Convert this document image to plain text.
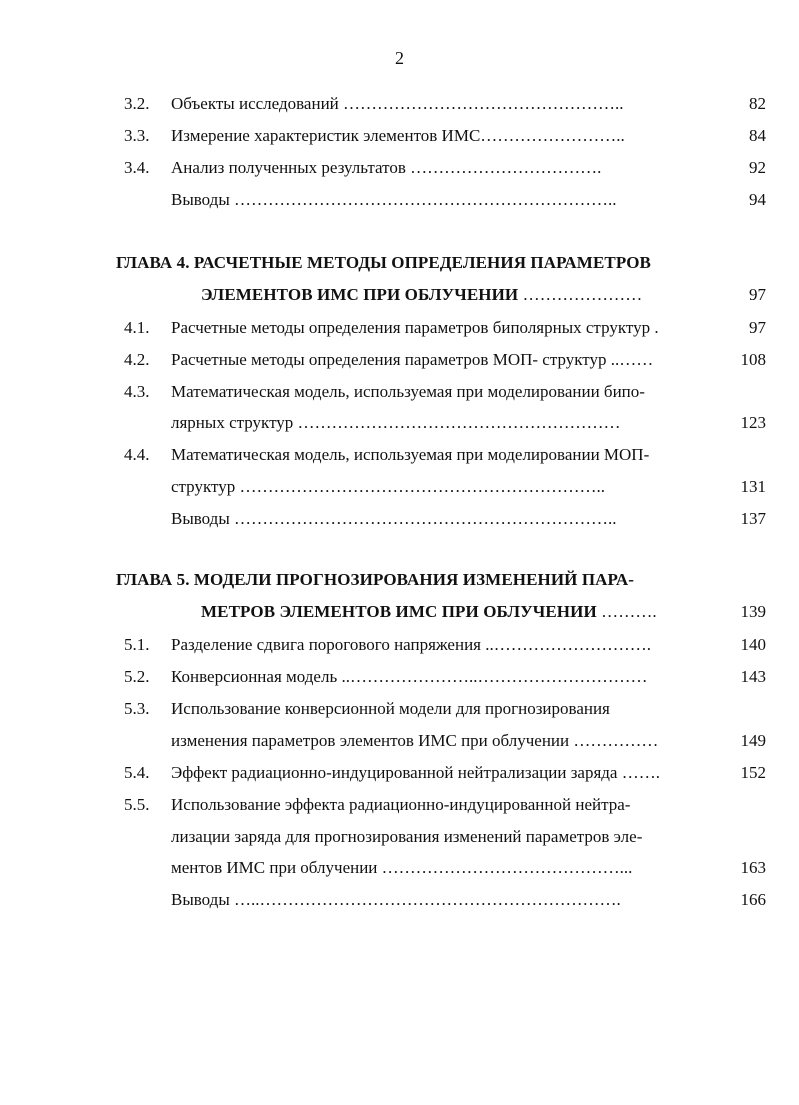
2
3.2.	Объекты исследований …………………………………………..	82
3.3.	Измерение характеристик элементов ИМС……………………..	84
3.4.	Анализ полученных результатов …………………………….	92
Выводы …………………………………………………………..	94
ГЛАВА 4. РАСЧЕТНЫЕ МЕТОДЫ ОПРЕДЕЛЕНИЯ ПАРАМЕТРОВ
ЭЛЕМЕНТОВ ИМС ПРИ ОБЛУЧЕНИИ …………………	97
4.1.	Расчетные методы определения параметров биполярных структур .	97
4.2.	Расчетные методы определения параметров МОП- структур ..……	108
4.3.	Математическая модель, используемая при моделировании бипо-
лярных структур …………………………………………………	123
4.4.	Математическая модель, используемая при моделировании МОП-
структур ………………………………………………………..	131
Выводы …………………………………………………………..	137
ГЛАВА 5. МОДЕЛИ ПРОГНОЗИРОВАНИЯ ИЗМЕНЕНИЙ ПАРА-
МЕТРОВ ЭЛЕМЕНТОВ ИМС ПРИ ОБЛУЧЕНИИ ……….	139
5.1.	Разделение сдвига порогового напряжения ..……………………….	140
5.2.	Конверсионная модель ..…………………..…………………………	143
5.3.	Использование конверсионной модели для прогнозирования
изменения параметров элементов ИМС при облучении ……………	149
5.4.	Эффект радиационно-индуцированной нейтрализации заряда …….	152
5.5.	Использование эффекта радиационно-индуцированной нейтра-
лизации заряда для прогнозирования изменений параметров эле-
ментов ИМС при облучении ……………………………………...	163
Выводы …..……………………………………………………….	166
